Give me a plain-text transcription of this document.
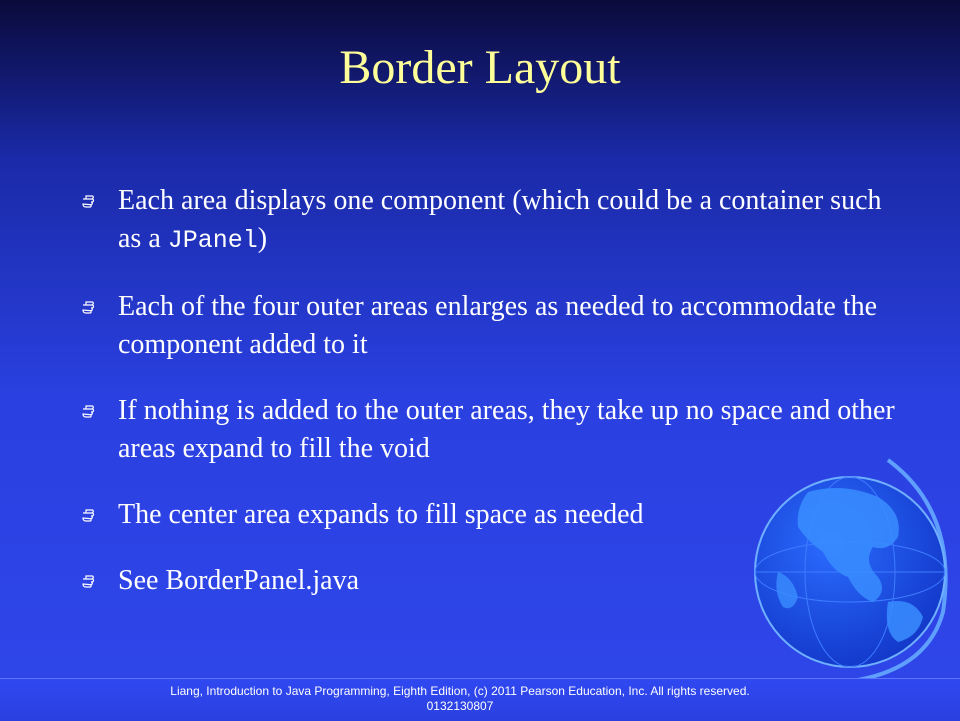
Border Layout
Each area displays one component (which could be a container such as a JPanel)
Each of the four outer areas enlarges as needed to accommodate the component added to it
If nothing is added to the outer areas, they take up no space and other areas expand to fill the void
The center area expands to fill space as needed
See BorderPanel.java
Liang, Introduction to Java Programming, Eighth Edition, (c) 2011 Pearson Education, Inc. All rights reserved. 0132130807
